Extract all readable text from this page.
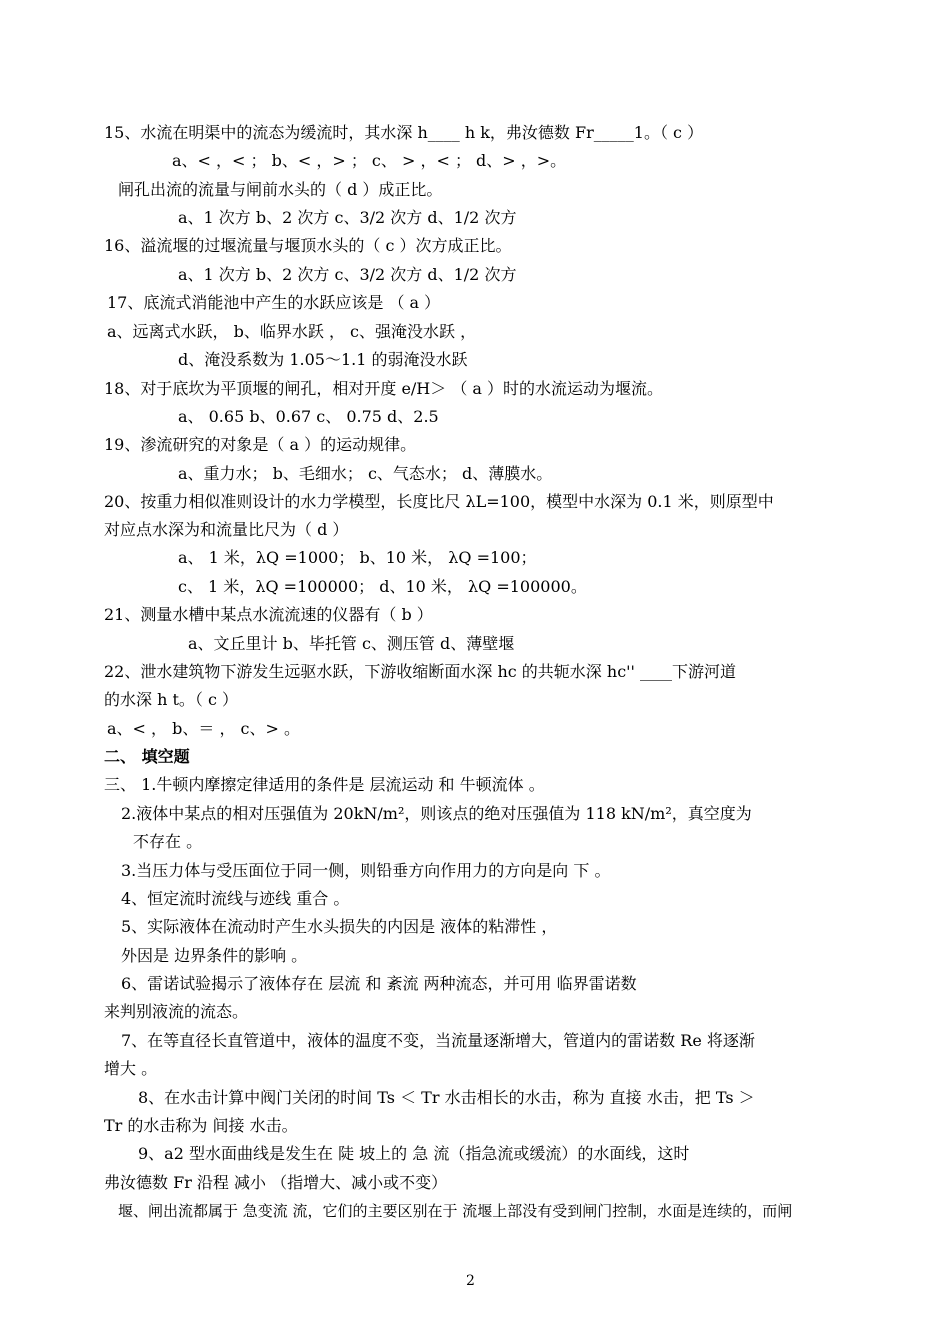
15、水流在明渠中的流态为缓流时，其水深 h____ h k，弗汝德数 Fr_____1。（ c ）
a、< ，< ； b、< ，> ； c、 > ，< ； d、> ，>。
闸孔出流的流量与闸前水头的（ d ）成正比。
a、1 次方 b、2 次方 c、3/2 次方 d、1/2 次方
16、溢流堰的过堰流量与堰顶水头的（ c ）次方成正比。
a、1 次方 b、2 次方 c、3/2 次方 d、1/2 次方
17、底流式消能池中产生的水跃应该是 （ a ）
a、远离式水跃， b、临界水跃 ， c、强淹没水跃 ，
d、淹没系数为 1.05～1.1 的弱淹没水跃
18、对于底坎为平顶堰的闸孔，相对开度 e/H＞ （ a ）时的水流运动为堰流。
a、 0.65 b、0.67 c、 0.75 d、2.5
19、渗流研究的对象是（ a ）的运动规律。
a、重力水； b、毛细水； c、气态水； d、薄膜水。
20、按重力相似准则设计的水力学模型，长度比尺 λL=100，模型中水深为 0.1 米，则原型中
对应点水深为和流量比尺为（ d ）
a、 1 米，λQ =1000； b、10 米， λQ =100；
c、 1 米，λQ =100000； d、10 米， λQ =100000。
21、测量水槽中某点水流流速的仪器有（ b ）
a、文丘里计 b、毕托管 c、测压管 d、薄壁堰
22、泄水建筑物下游发生远驱水跃，下游收缩断面水深 hc 的共轭水深 hc'' ____下游河道
的水深 h t。（ c ）
a、< ， b、＝ ， c、> 。
二、 填空题
三、 1.牛顿内摩擦定律适用的条件是 层流运动 和 牛顿流体 。
2.液体中某点的相对压强值为 20kN/m²，则该点的绝对压强值为 118 kN/m²，真空度为
不存在 。
3.当压力体与受压面位于同一侧，则铅垂方向作用力的方向是向 下 。
4、恒定流时流线与迹线 重合 。
5、实际液体在流动时产生水头损失的内因是 液体的粘滞性 ，
外因是 边界条件的影响 。
6、雷诺试验揭示了液体存在 层流 和 紊流 两种流态，并可用 临界雷诺数
来判别液流的流态。
7、在等直径长直管道中，液体的温度不变，当流量逐渐增大，管道内的雷诺数 Re 将逐渐
增大 。
8、在水击计算中阀门关闭的时间 Ts ＜ Tr 水击相长的水击，称为 直接 水击，把 Ts ＞
Tr 的水击称为 间接 水击。
9、a2 型水面曲线是发生在 陡 坡上的 急 流（指急流或缓流）的水面线，这时
弗汝德数 Fr 沿程 减小 （指增大、减小或不变）
堰、闸出流都属于 急变流 流，它们的主要区别在于 流堰上部没有受到闸门控制，水面是连续的，而闸
2
